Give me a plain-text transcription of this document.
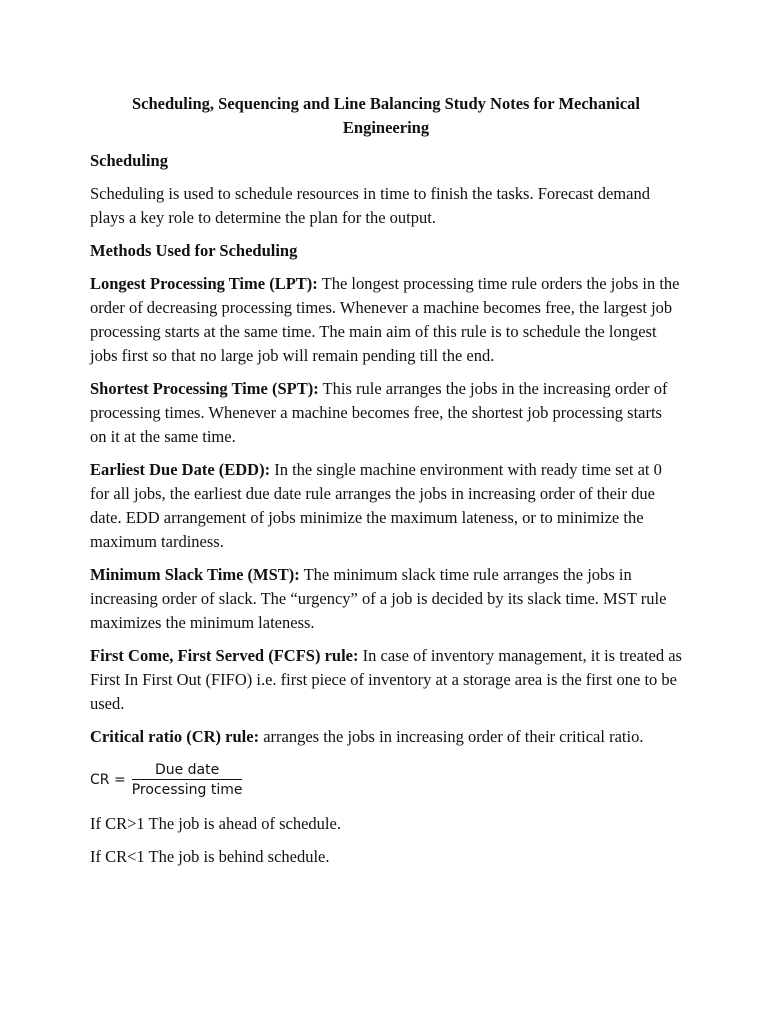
Scheduling, Sequencing and Line Balancing Study Notes for Mechanical Engineering
Scheduling
Scheduling is used to schedule resources in time to finish the tasks. Forecast demand plays a key role to determine the plan for the output.
Methods Used for Scheduling
Longest Processing Time (LPT): The longest processing time rule orders the jobs in the order of decreasing processing times. Whenever a machine becomes free, the largest job processing starts at the same time. The main aim of this rule is to schedule the longest jobs first so that no large job will remain pending till the end.
Shortest Processing Time (SPT): This rule arranges the jobs in the increasing order of processing times. Whenever a machine becomes free, the shortest job processing starts on it at the same time.
Earliest Due Date (EDD): In the single machine environment with ready time set at 0 for all jobs, the earliest due date rule arranges the jobs in increasing order of their due date. EDD arrangement of jobs minimize the maximum lateness, or to minimize the maximum tardiness.
Minimum Slack Time (MST): The minimum slack time rule arranges the jobs in increasing order of slack. The “urgency” of a job is decided by its slack time. MST rule maximizes the minimum lateness.
First Come, First Served (FCFS) rule: In case of inventory management, it is treated as First In First Out (FIFO) i.e. first piece of inventory at a storage area is the first one to be used.
Critical ratio (CR) rule: arranges the jobs in increasing order of their critical ratio.
CR = $\frac{\text{Due date}}{\text{Processing time}}$
If CR>1 The job is ahead of schedule.
If CR<1 The job is behind schedule.
